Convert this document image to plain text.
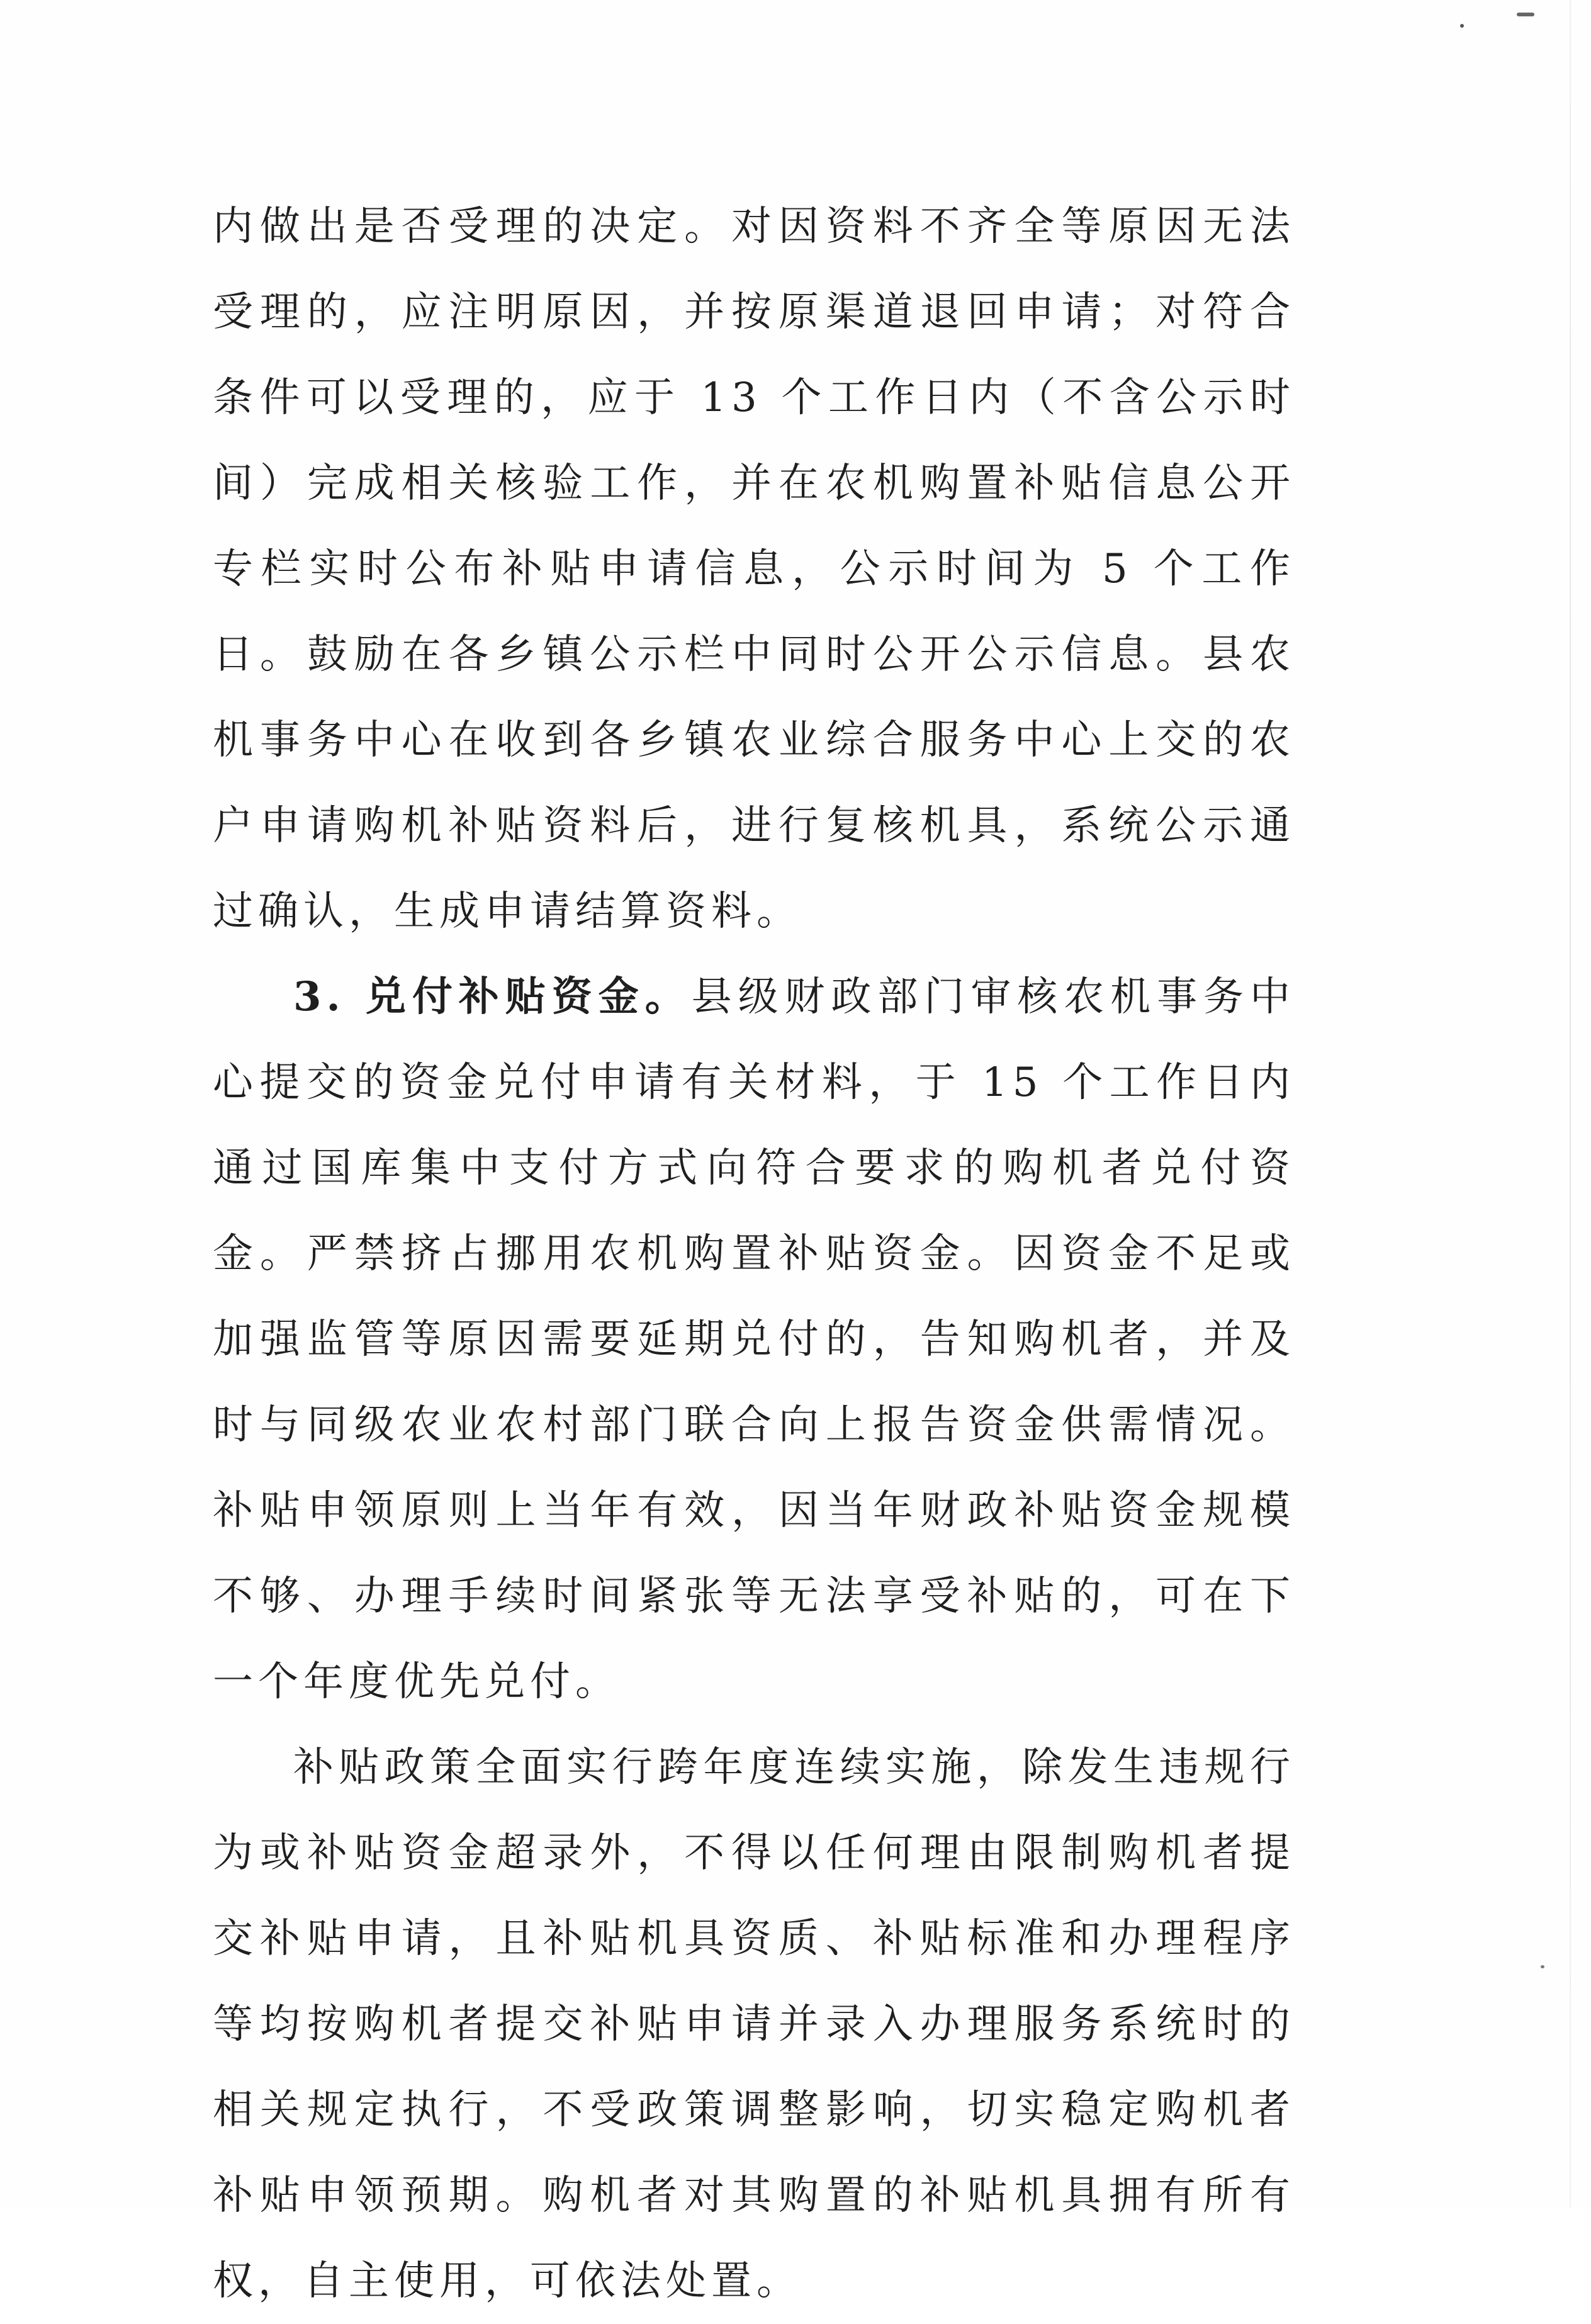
内做出是否受理的决定。对因资料不齐全等原因无法受理的，应注明原因，并按原渠道退回申请；对符合条件可以受理的，应于 13 个工作日内（不含公示时间）完成相关核验工作，并在农机购置补贴信息公开专栏实时公布补贴申请信息，公示时间为 5 个工作日。鼓励在各乡镇公示栏中同时公开公示信息。县农机事务中心在收到各乡镇农业综合服务中心上交的农户申请购机补贴资料后，进行复核机具，系统公示通过确认，生成申请结算资料。

3. 兑付补贴资金。县级财政部门审核农机事务中心提交的资金兑付申请有关材料，于 15 个工作日内通过国库集中支付方式向符合要求的购机者兑付资金。严禁挤占挪用农机购置补贴资金。因资金不足或加强监管等原因需要延期兑付的，告知购机者，并及时与同级农业农村部门联合向上报告资金供需情况。补贴申领原则上当年有效，因当年财政补贴资金规模不够、办理手续时间紧张等无法享受补贴的，可在下一个年度优先兑付。

补贴政策全面实行跨年度连续实施，除发生违规行为或补贴资金超录外，不得以任何理由限制购机者提交补贴申请，且补贴机具资质、补贴标准和办理程序等均按购机者提交补贴申请并录入办理服务系统时的相关规定执行，不受政策调整影响，切实稳定购机者补贴申领预期。购机者对其购置的补贴机具拥有所有权，自主使用，可依法处置。
